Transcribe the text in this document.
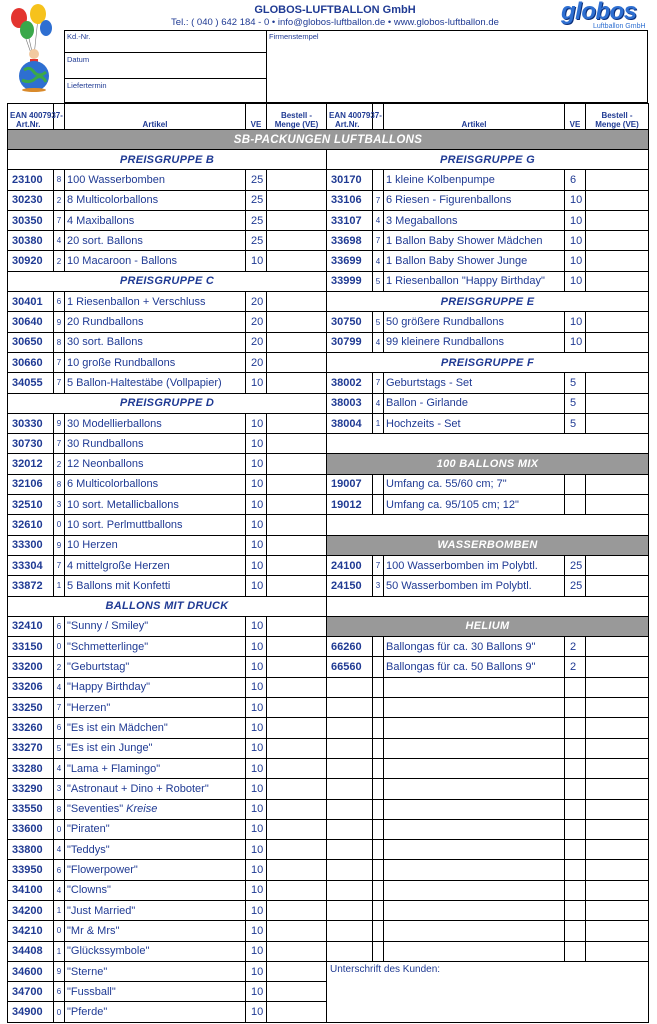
GLOBOS-LUFTBALLON GmbH
Tel.: ( 040 ) 642 184 - 0 • info@globos-luftballon.de • www.globos-luftballon.de	globos
Luftballon GmbH
Kd.-Nr.
Datum
Liefertermin
Firmenstempel
EAN 4007937-
Art.Nr.		Artikel	VE	Bestell -
Menge (VE)	EAN 4007937-
Art.Nr.		Artikel	VE	Bestell -
Menge (VE)
SB-PACKUNGEN LUFTBALLONS									
PREISGRUPPE B					PREISGRUPPE G				
23100	8	100 Wasserbomben	25		30170		1 kleine Kolbenpumpe	6	
30230	2	8 Multicolorballons	25		33106	7	6 Riesen - Figurenballons	10	
30350	7	4 Maxiballons	25		33107	4	3 Megaballons	10	
30380	4	20 sort. Ballons	25		33698	7	1 Ballon Baby Shower Mädchen	10	
30920	2	10 Macaroon - Ballons	10		33699	4	1 Ballon Baby Shower Junge	10	
PREISGRUPPE C					33999	5	1 Riesenballon "Happy Birthday"	10	
30401	6	1 Riesenballon + Verschluss	20		PREISGRUPPE E				
30640	9	20 Rundballons	20		30750	5	50 größere Rundballons	10	
30650	8	30 sort. Ballons	20		30799	4	99 kleinere Rundballons	10	
30660	7	10 große Rundballons	20		PREISGRUPPE F				
34055	7	5 Ballon-Haltestäbe (Vollpapier)	10		38002	7	Geburtstags - Set	5	
PREISGRUPPE D					38003	4	Ballon - Girlande	5	
30330	9	30 Modellierballons	10		38004	1	Hochzeits - Set	5	
30730	7	30 Rundballons	10						
32012	2	12 Neonballons	10		100 BALLONS MIX				
32106	8	6 Multicolorballons	10		19007		Umfang ca. 55/60 cm; 7"		
32510	3	10 sort. Metallicballons	10		19012		Umfang ca. 95/105 cm; 12"		
32610	0	10 sort. Perlmuttballons	10						
33300	9	10 Herzen	10		WASSERBOMBEN				
33304	7	4 mittelgroße Herzen	10		24100	7	100 Wasserbomben im Polybtl.	25	
33872	1	5 Ballons mit Konfetti	10		24150	3	50 Wasserbomben im Polybtl.	25	
BALLONS MIT DRUCK									
32410	6	"Sunny / Smiley"	10		HELIUM				
33150	0	"Schmetterlinge"	10		66260		Ballongas für ca. 30 Ballons 9"	2	
33200	2	"Geburtstag"	10		66560		Ballongas für ca. 50 Ballons 9"	2	
33206	4	"Happy Birthday"	10						
33250	7	"Herzen"	10						
33260	6	"Es ist ein Mädchen"	10						
33270	5	"Es ist ein Junge"	10						
33280	4	"Lama + Flamingo"	10						
33290	3	"Astronaut + Dino + Roboter"	10						
33550	8	"Seventies" Kreise	10						
33600	0	"Piraten"	10						
33800	4	"Teddys"	10						
33950	6	"Flowerpower"	10						
34100	4	"Clowns"	10						
34200	1	"Just Married"	10						
34210	0	"Mr & Mrs"	10						
34408	1	"Glückssymbole"	10						
34600	9	"Sterne"	10		Unterschrift des Kunden:				
34700	6	"Fussball"	10						
34900	0	"Pferde"	10						
